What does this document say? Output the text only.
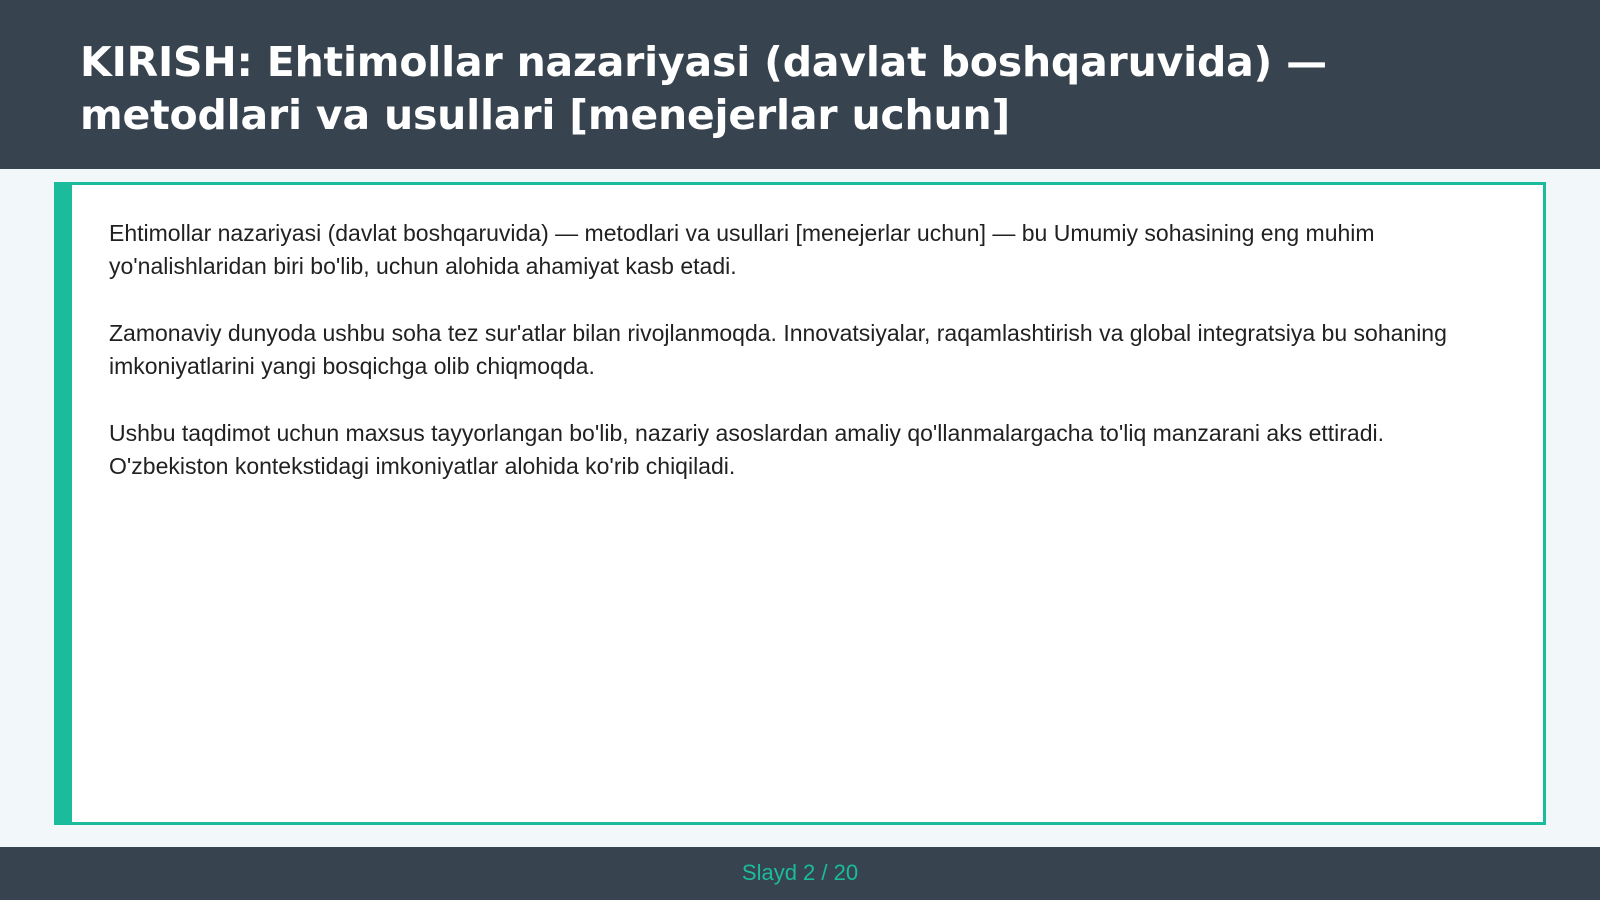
KIRISH: Ehtimollar nazariyasi (davlat boshqaruvida) — metodlari va usullari [menejerlar uchun]

Ehtimollar nazariyasi (davlat boshqaruvida) — metodlari va usullari [menejerlar uchun] — bu Umumiy sohasining eng muhim yo'nalishlaridan biri bo'lib, uchun alohida ahamiyat kasb etadi.

Zamonaviy dunyoda ushbu soha tez sur'atlar bilan rivojlanmoqda. Innovatsiyalar, raqamlashtirish va global integratsiya bu sohaning imkoniyatlarini yangi bosqichga olib chiqmoqda.

Ushbu taqdimot uchun maxsus tayyorlangan bo'lib, nazariy asoslardan amaliy qo'llanmalargacha to'liq manzarani aks ettiradi. O'zbekiston kontekstidagi imkoniyatlar alohida ko'rib chiqiladi.

Slayd 2 / 20
